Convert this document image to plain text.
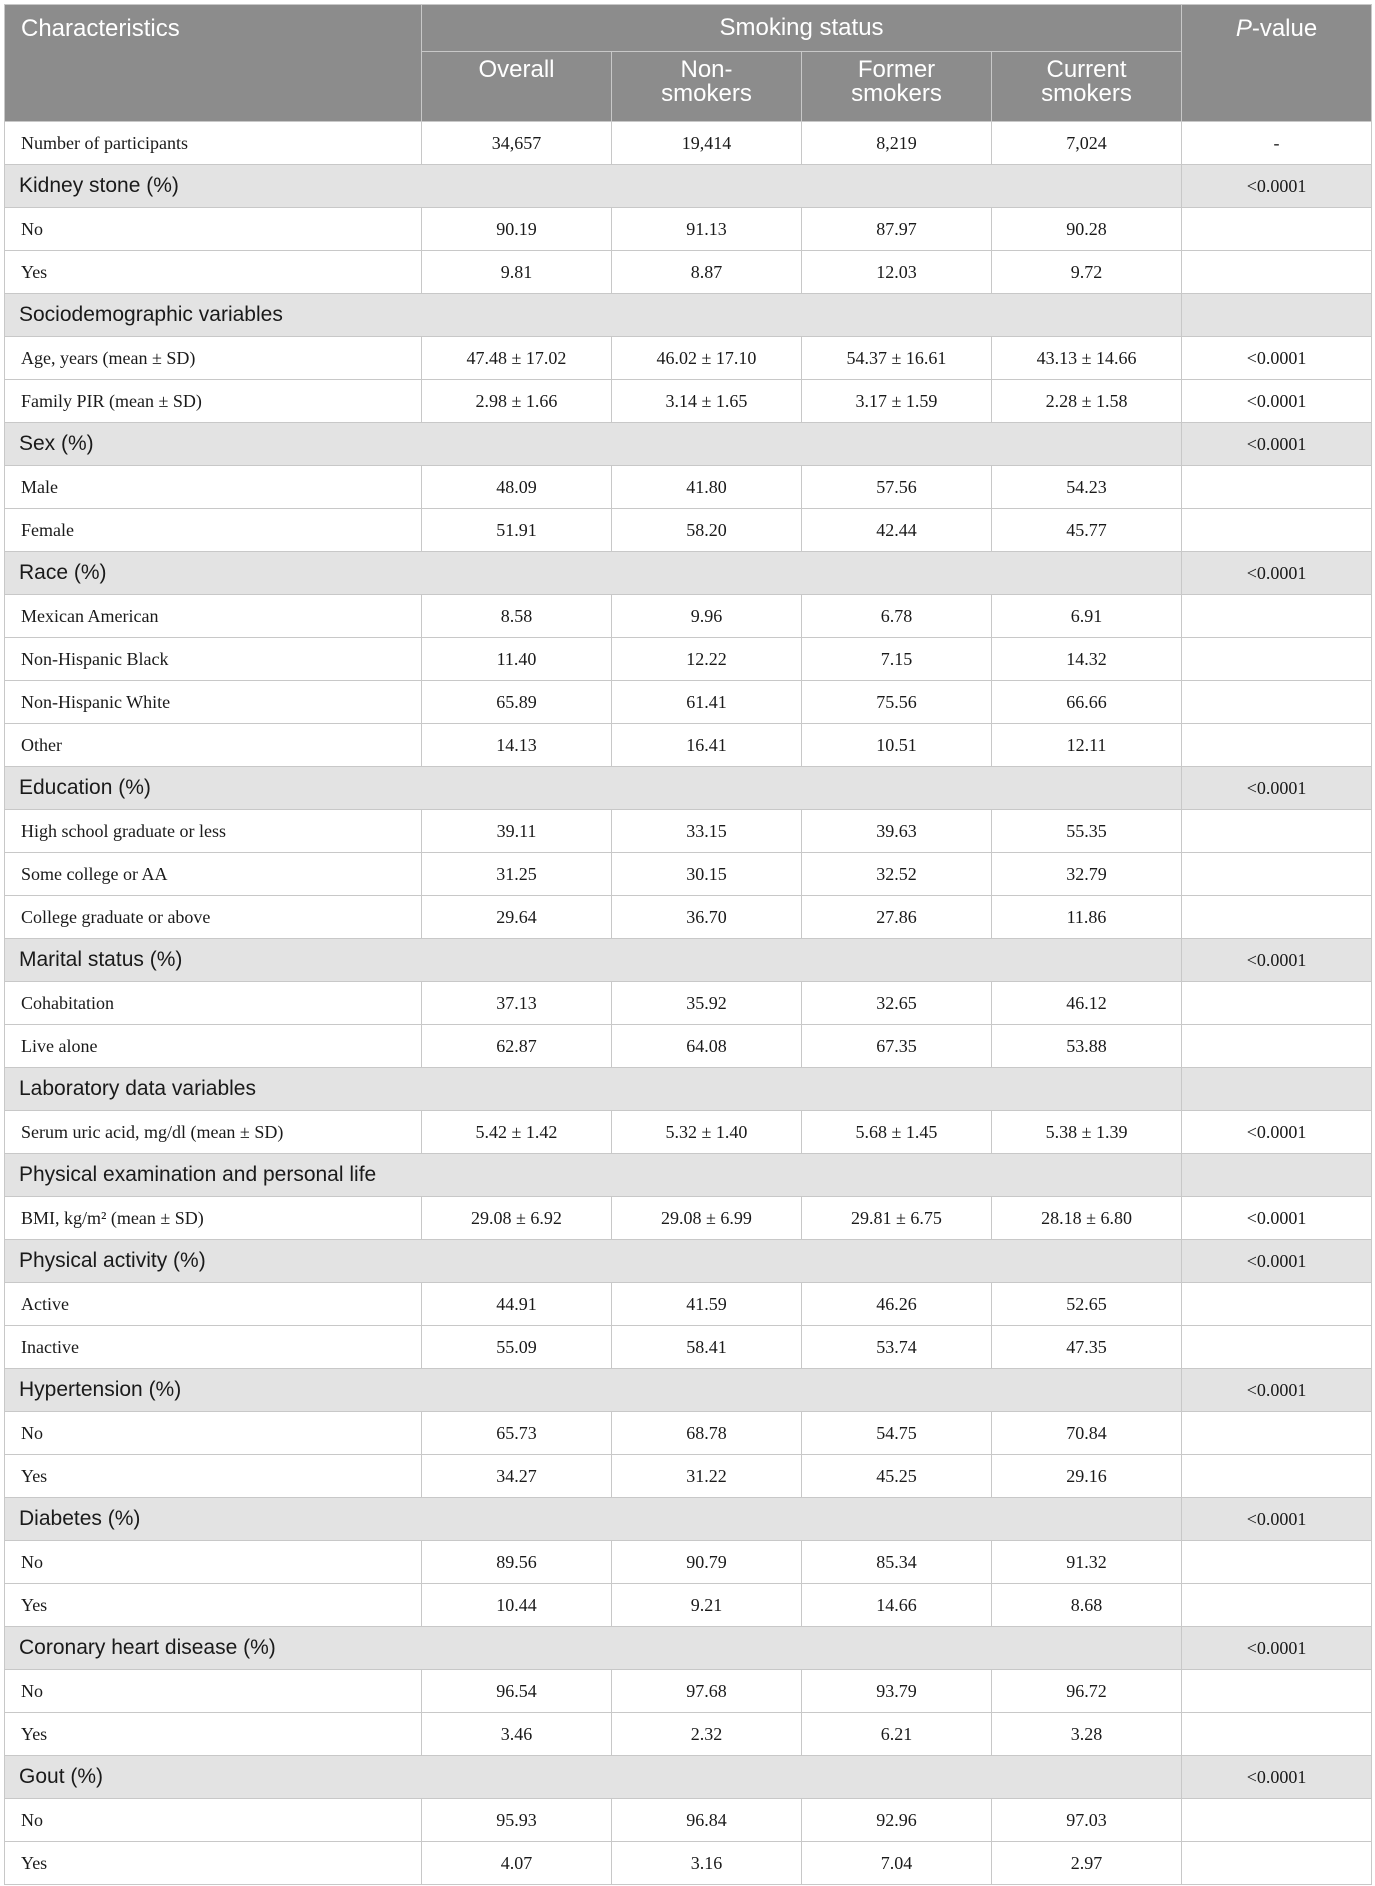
Characteristics	Smoking status				P-value
	Overall	Non-smokers	Former smokers	Current smokers	
Number of participants	34,657	19,414	8,219	7,024	-
Kidney stone (%)					<0.0001
No	90.19	91.13	87.97	90.28	
Yes	9.81	8.87	12.03	9.72	
Sociodemographic variables					
Age, years (mean ± SD)	47.48 ± 17.02	46.02 ± 17.10	54.37 ± 16.61	43.13 ± 14.66	<0.0001
Family PIR (mean ± SD)	2.98 ± 1.66	3.14 ± 1.65	3.17 ± 1.59	2.28 ± 1.58	<0.0001
Sex (%)					<0.0001
Male	48.09	41.80	57.56	54.23	
Female	51.91	58.20	42.44	45.77	
Race (%)					<0.0001
Mexican American	8.58	9.96	6.78	6.91	
Non-Hispanic Black	11.40	12.22	7.15	14.32	
Non-Hispanic White	65.89	61.41	75.56	66.66	
Other	14.13	16.41	10.51	12.11	
Education (%)					<0.0001
High school graduate or less	39.11	33.15	39.63	55.35	
Some college or AA	31.25	30.15	32.52	32.79	
College graduate or above	29.64	36.70	27.86	11.86	
Marital status (%)					<0.0001
Cohabitation	37.13	35.92	32.65	46.12	
Live alone	62.87	64.08	67.35	53.88	
Laboratory data variables					
Serum uric acid, mg/dl (mean ± SD)	5.42 ± 1.42	5.32 ± 1.40	5.68 ± 1.45	5.38 ± 1.39	<0.0001
Physical examination and personal life					
BMI, kg/m² (mean ± SD)	29.08 ± 6.92	29.08 ± 6.99	29.81 ± 6.75	28.18 ± 6.80	<0.0001
Physical activity (%)					<0.0001
Active	44.91	41.59	46.26	52.65	
Inactive	55.09	58.41	53.74	47.35	
Hypertension (%)					<0.0001
No	65.73	68.78	54.75	70.84	
Yes	34.27	31.22	45.25	29.16	
Diabetes (%)					<0.0001
No	89.56	90.79	85.34	91.32	
Yes	10.44	9.21	14.66	8.68	
Coronary heart disease (%)					<0.0001
No	96.54	97.68	93.79	96.72	
Yes	3.46	2.32	6.21	3.28	
Gout (%)					<0.0001
No	95.93	96.84	92.96	97.03	
Yes	4.07	3.16	7.04	2.97	
